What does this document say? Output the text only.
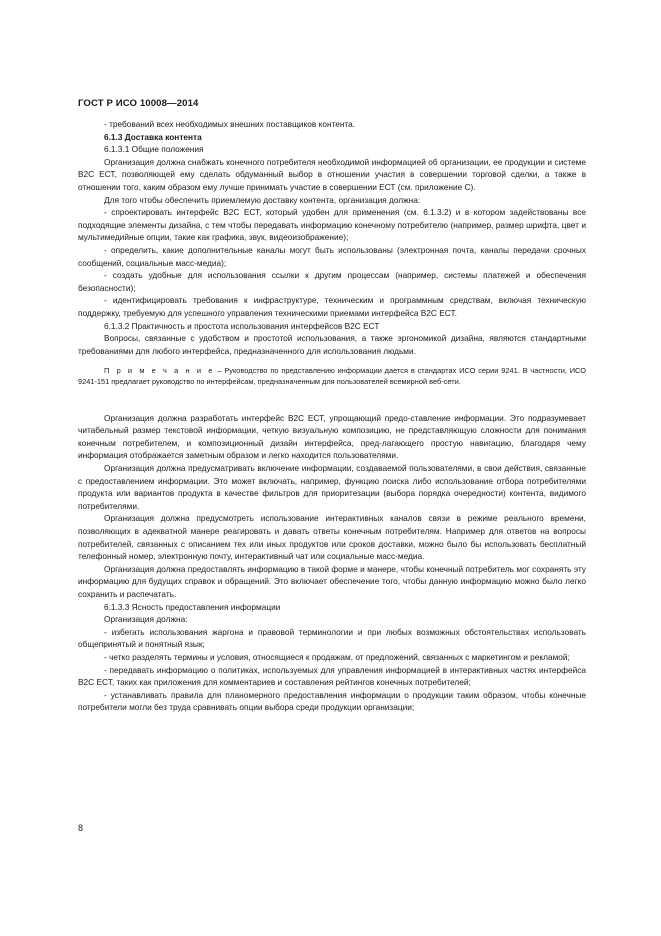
ГОСТ Р ИСО 10008—2014

- требований всех необходимых внешних поставщиков контента.

6.1.3 Доставка контента

6.1.3.1 Общие положения

Организация должна снабжать конечного потребителя необходимой информацией об организации, ее продукции и системе В2С ЕСТ, позволяющей ему сделать обдуманный выбор в отношении участия в совершении торговой сделки, а также в отношении того, каким образом ему лучше принимать участие в совершении ЕСТ (см. приложение С).

Для того чтобы обеспечить приемлемую доставку контента, организация должна:

- спроектировать интерфейс В2С ЕСТ, который удобен для применения (см. 6.1.3.2) и в котором задействованы все подходящие элементы дизайна, с тем чтобы передавать информацию конечному потребителю (например, размер шрифта, цвет и мультимедийные опции, такие как графика, звук, видеоизображение);

- определить, какие дополнительные каналы могут быть использованы (электронная почта, каналы передачи срочных сообщений, социальные масс-медиа);

- создать удобные для использования ссылки к другим процессам (например, системы платежей и обеспечения безопасности);

- идентифицировать требования к инфраструктуре, техническим и программным средствам, включая техническую поддержку, требуемую для успешного управления техническими приемами интерфейса В2С ЕСТ.

6.1.3.2 Практичность и простота использования интерфейсов В2С ЕСТ

Вопросы, связанные с удобством и простотой использования, а также эргономикой дизайна, являются стандартными требованиями для любого интерфейса, предназначенного для использования людьми.

П р и м е ч а н и е – Руководство по представлению информации дается в стандартах ИСО серии 9241. В частности, ИСО 9241-151 предлагает руководство по интерфейсам, предназначенным для пользователей всемирной веб-сети.

Организация должна разработать интерфейс В2С ЕСТ, упрощающий предо-ставление информации. Это подразумевает читабельный размер текстовой информации, четкую визуальную композицию, не представляющую сложности для понимания конечным потребителем, и композиционный дизайн интерфейса, пред-лагающего простую навигацию, благодаря чему информация отображается заметным образом и легко находится пользователями.

Организация должна предусматривать включение информации, создаваемой пользователями, в свои действия, связанные с предоставлением информации. Это может включать, например, функцию поиска либо использование отбора потребителями продукта или вариантов продукта в качестве фильтров для приоритезации (выбора порядка очередности) контента, видимого потребителями.

Организация должна предусмотреть использование интерактивных каналов связи в режиме реального времени, позволяющих в адекватной манере реагировать и давать ответы конечным потребителям. Например для ответов на вопросы потребителей, связанных с описанием тех или иных продуктов или сроков доставки, можно было бы использовать бесплатный телефонный номер, электронную почту, интерактивный чат или социальные масс-медиа.

Организация должна предоставлять информацию в такой форме и манере, чтобы конечный потребитель мог сохранять эту информацию для будущих справок и обращений. Это включает обеспечение того, чтобы данную информацию можно было легко сохранить и распечатать.

6.1.3.3 Ясность предоставления информации

Организация должна:

- избегать использования жаргона и правовой терминологии и при любых возможных обстоятельствах использовать общепринятый и понятный язык;

- четко разделять термины и условия, относящиеся к продажам, от предложений, связанных с маркетингом и рекламой;

- передавать информацию о политиках, используемых для управления информацией в интерактивных частях интерфейса В2С ЕСТ, таких как приложения для комментариев и составления рейтингов конечных потребителей;

- устанавливать правила для планомерного предоставления информации о продукции таким образом, чтобы конечные потребители могли без труда сравнивать опции выбора среди продукции организации;

8
